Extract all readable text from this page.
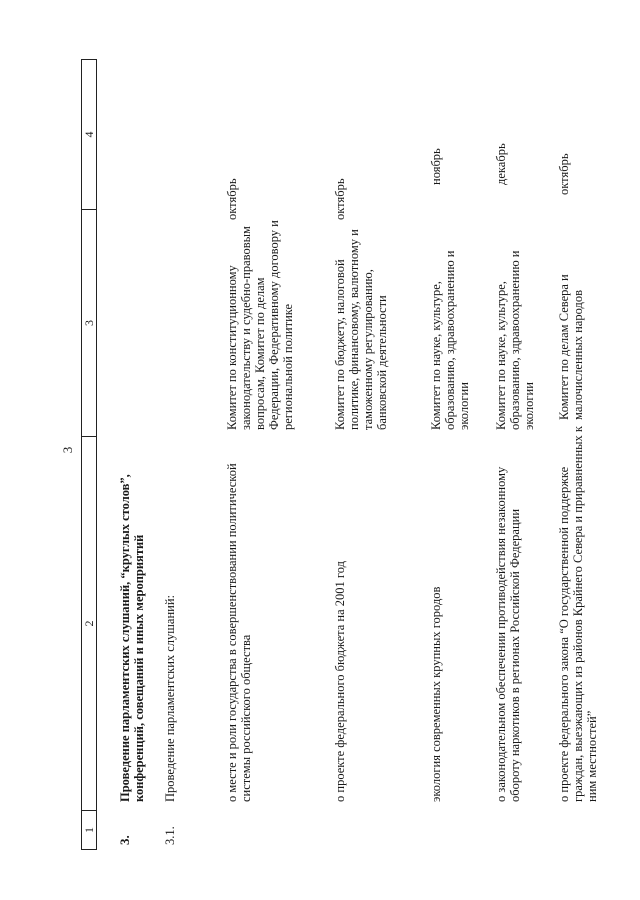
3
1
2
3
4
3.
Проведение парламентских слушаний, “круглых столов”, конференций, совещаний и иных мероприятий
3.1.
Проведение парламентских слушаний:	о месте и роли государства в совершенствовании политической системы российского общества
Комитет по конституционному законодательству и судебно-правовым вопросам, Комитет по делам Федерации, Федеративному договору и региональной политике
октябрь
о проекте федерального бюджета на 2001 год
Комитет по бюджету, налоговой политике, финансовому, валютному и таможенному регулированию, банковской деятельности
октябрь
экология современных крупных городов
Комитет по науке, культуре, образованию, здравоохранению и экологии
ноябрь
о законодательном обеспечении противодействия незаконному обороту наркотиков в регионах Российской Федерации
Комитет по науке, культуре, образованию, здравоохранению и экологии
декабрь
о проекте федерального закона “О государственной поддержке граждан, выезжающих из районов Крайнего Севера и приравненных к ним местностей”
Комитет по делам Севера и малочисленных народов
октябрь
